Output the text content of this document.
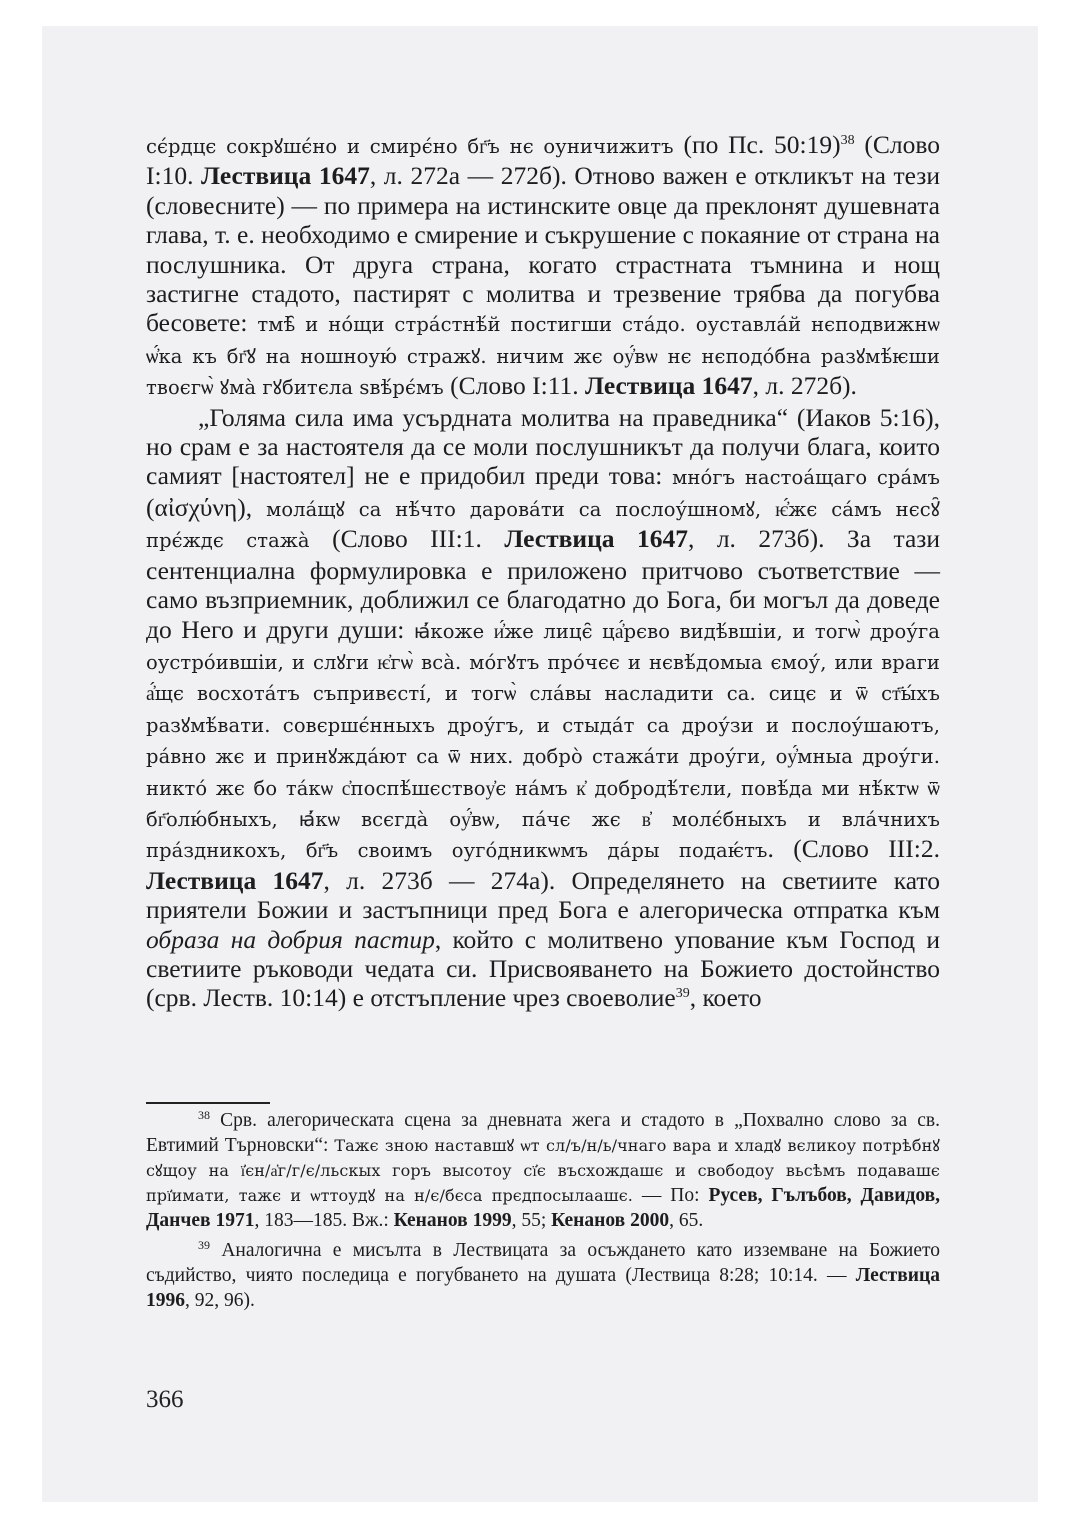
сє́рдцє сокрꙋшє́но и смирє́но бг҃ъ нє оуничижитъ (по Пс. 50:19)$^{38}$ (Слово I:10. Лествица 1647, л. 272а — 272б). Отново важен е откликът на тези (словесните) — по примера на истинските овце да преклонят душевната глава, т. е. необходимо е смирение и съкрушение с покаяние от страна на послушника. От друга страна, когато страстната тъмнина и нощ застигне стадото, пастирят с молитва и трезвение трябва да погубва бесовете: тмѣ̑ и но́щи стра́стнѣ́й постигши ста́до. оуставла́й нєподвижнѡ ѡ҆́ка къ бг҃ꙋ на ношноую́ стражꙋ. ничим жє оу҆́вѡ нє нєподо́бна разꙋмѣ́ѥши твоєгѡ̀ ꙋма̀ гꙋбитєла ѕвѣ́рє́мъ (Слово I:11. Лествица 1647, л. 272б).

„Голяма сила има усърдната молитва на праведника“ (Иаков 5:16), но срам е за настоятеля да се моли послушникът да получи блага, които самият [настоятел] не е придобил преди това: мно́гъ настоа́щаго сра́мъ (αἰσχύνη), мола́щꙋ са нѣ́что дарова́ти са послоу́шномꙋ, ѥ҆́жє са́мъ нєсꙋ̑ прє́ждє стажа̀ (Слово III:1. Лествица 1647, л. 273б). За тази сентенциална формулировка е приложено притчово съответствие — само възприемник, доближил се благодатно до Бога, би могъл да доведе до Него и други души: ꙗ҆́коже и҆́же лицє̑ ца҆́рєво видѣ́вшіи, и тогѡ̀ дроу́га оустро́ившіи, и слꙋги ѥ҆гѡ̀ вса̀. мо́гꙋтъ про́чєє и нєвѣ́домыа ємоу́, или враги а҆́щє восхота́тъ съпривєсті́, и тогѡ̀ сла́вы насладити са. сицє и ѿ ст҃ы́хъ разꙋмѣ́вати. совєршє́нныхъ дроу́гъ, и стыда́т са дроу́зи и послоу́шаютъ, ра́вно жє и принꙋжда́ют са ѿ них. добро̀ стажа́ти дроу́ги, оу҆́мныа дроу́ги. никто́ жє бо та́кѡ с҆поспѣ́шєствоу҆є на́мъ к҆ добродѣ́тєли, повѣ́да ми нѣ́ктѡ ѿ бг҃олю́бныхъ, ꙗ҆́кѡ всєгда̀ оу҆́вѡ, па́чє жє в҆ молє́бныхъ и вла́чнихъ пра́здникохъ, бг҃ъ своимъ оуго́дникѡмъ да́ры подаѥ́тъ. (Слово III:2. Лествица 1647, л. 273б — 274а). Определянето на светиите като приятели Божии и застъпници пред Бога е алегорическа отпратка към образа на добрия пастир, който с молитвено упование към Господ и светиите ръководи чедата си. Присвояването на Божието достойнство (срв. Леств. 10:14) е отстъпление чрез своеволие$^{39}$, което

$^{38}$ Срв. алегорическата сцена за дневната жега и стадото в „Похвално слово за св. Евтимий Търновски“: Тажє зною наставшꙋ ѡт сл/ъ/н/ь/чнаго вара и хладꙋ вєликоу потрѣбнꙋ сꙋщоу на ї҆єн/а҆г/г/є/льскых горъ высотоу сї҆є въсхождашє и свободоу вьсѣмъ подавашє прї҆имати, тажє и ѡттоудꙋ на н/є/бєса прєдпосылаашє. — По: Русев, Гълъбов, Давидов, Данчев 1971, 183—185. Вж.: Кенанов 1999, 55; Кенанов 2000, 65.

$^{39}$ Аналогична е мисълта в Лествицата за осъждането като изземване на Божието съдийство, чиято последица е погубването на душата (Лествица 8:28; 10:14. — Лествица 1996, 92, 96).

366
